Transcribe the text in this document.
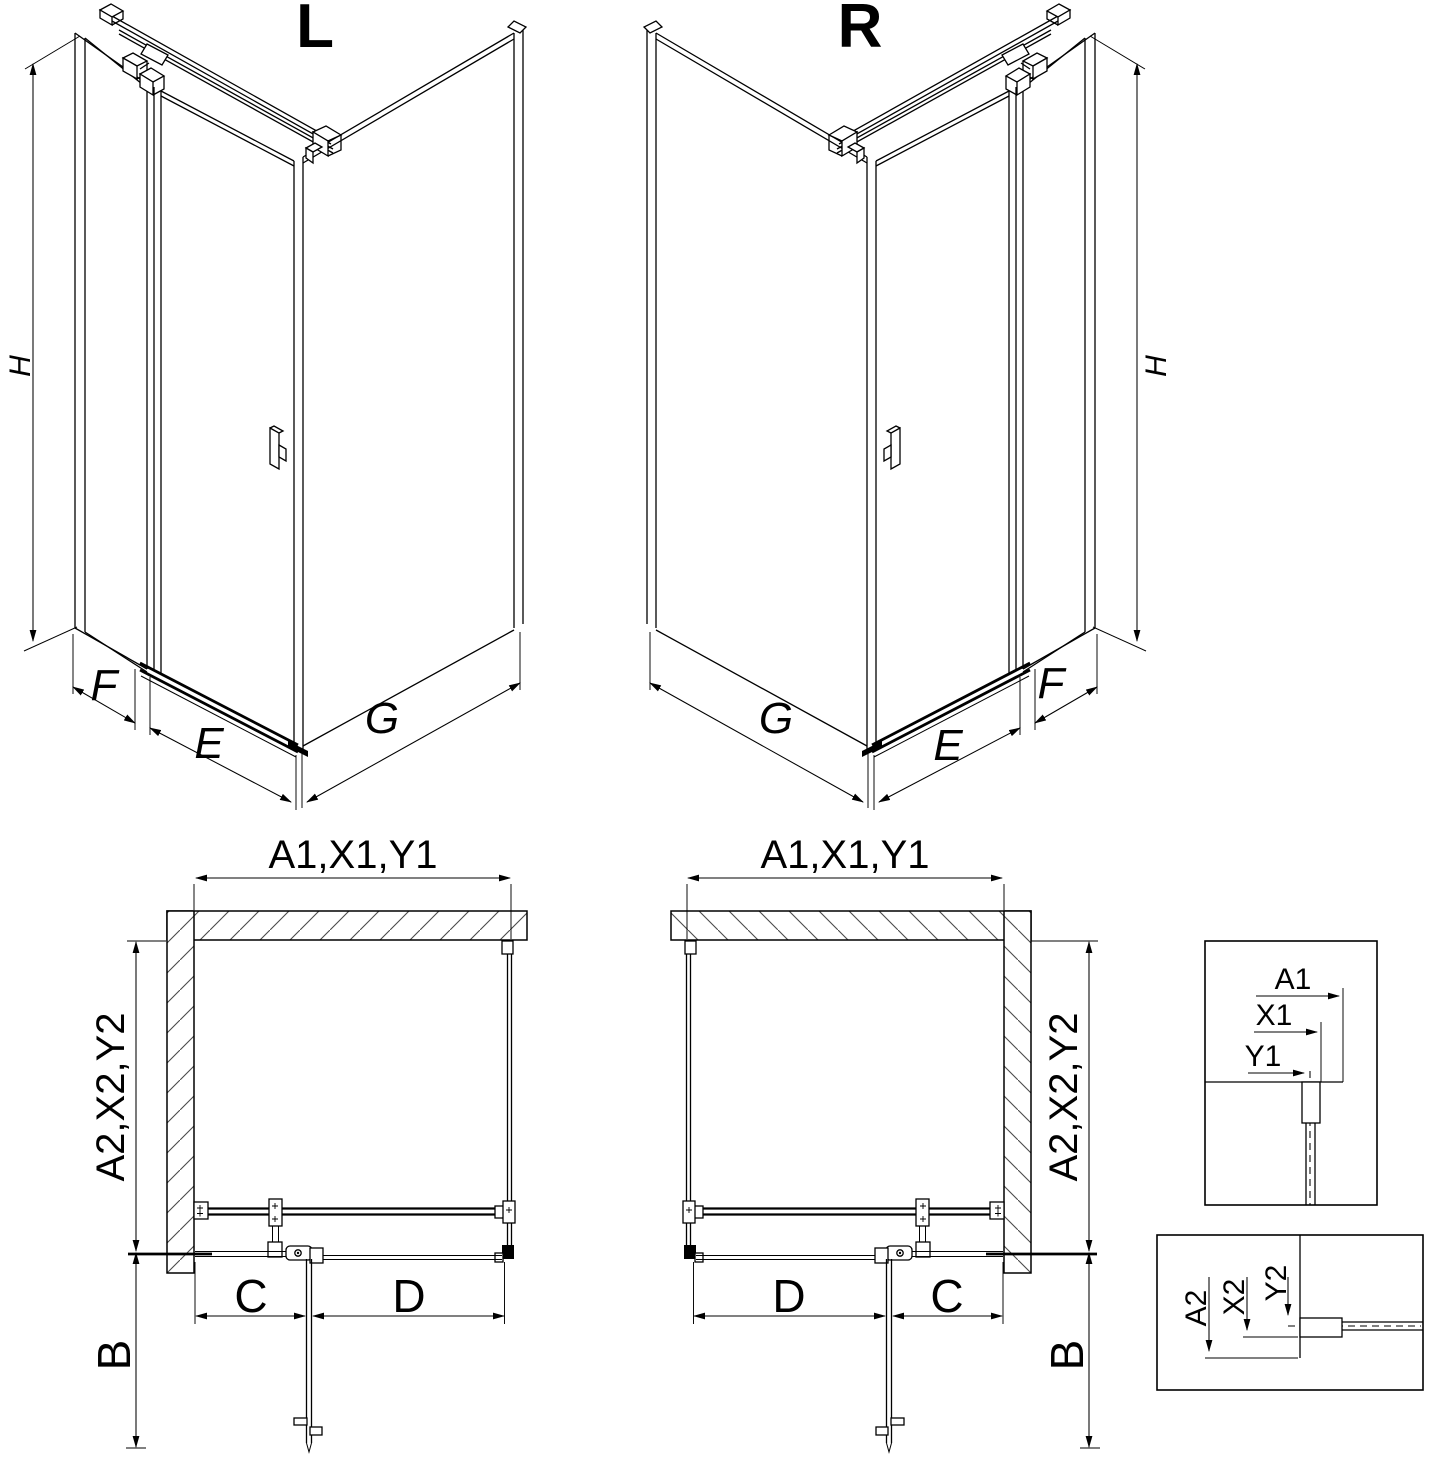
L
H
F
E
G
R
H
F
E
G
A1,X1,Y1
A2,X2,Y2
B
C	D
A1,X1,Y1
A2,X2,Y2
B
D	C
A1
X1
Y1
A2 X2 Y2
